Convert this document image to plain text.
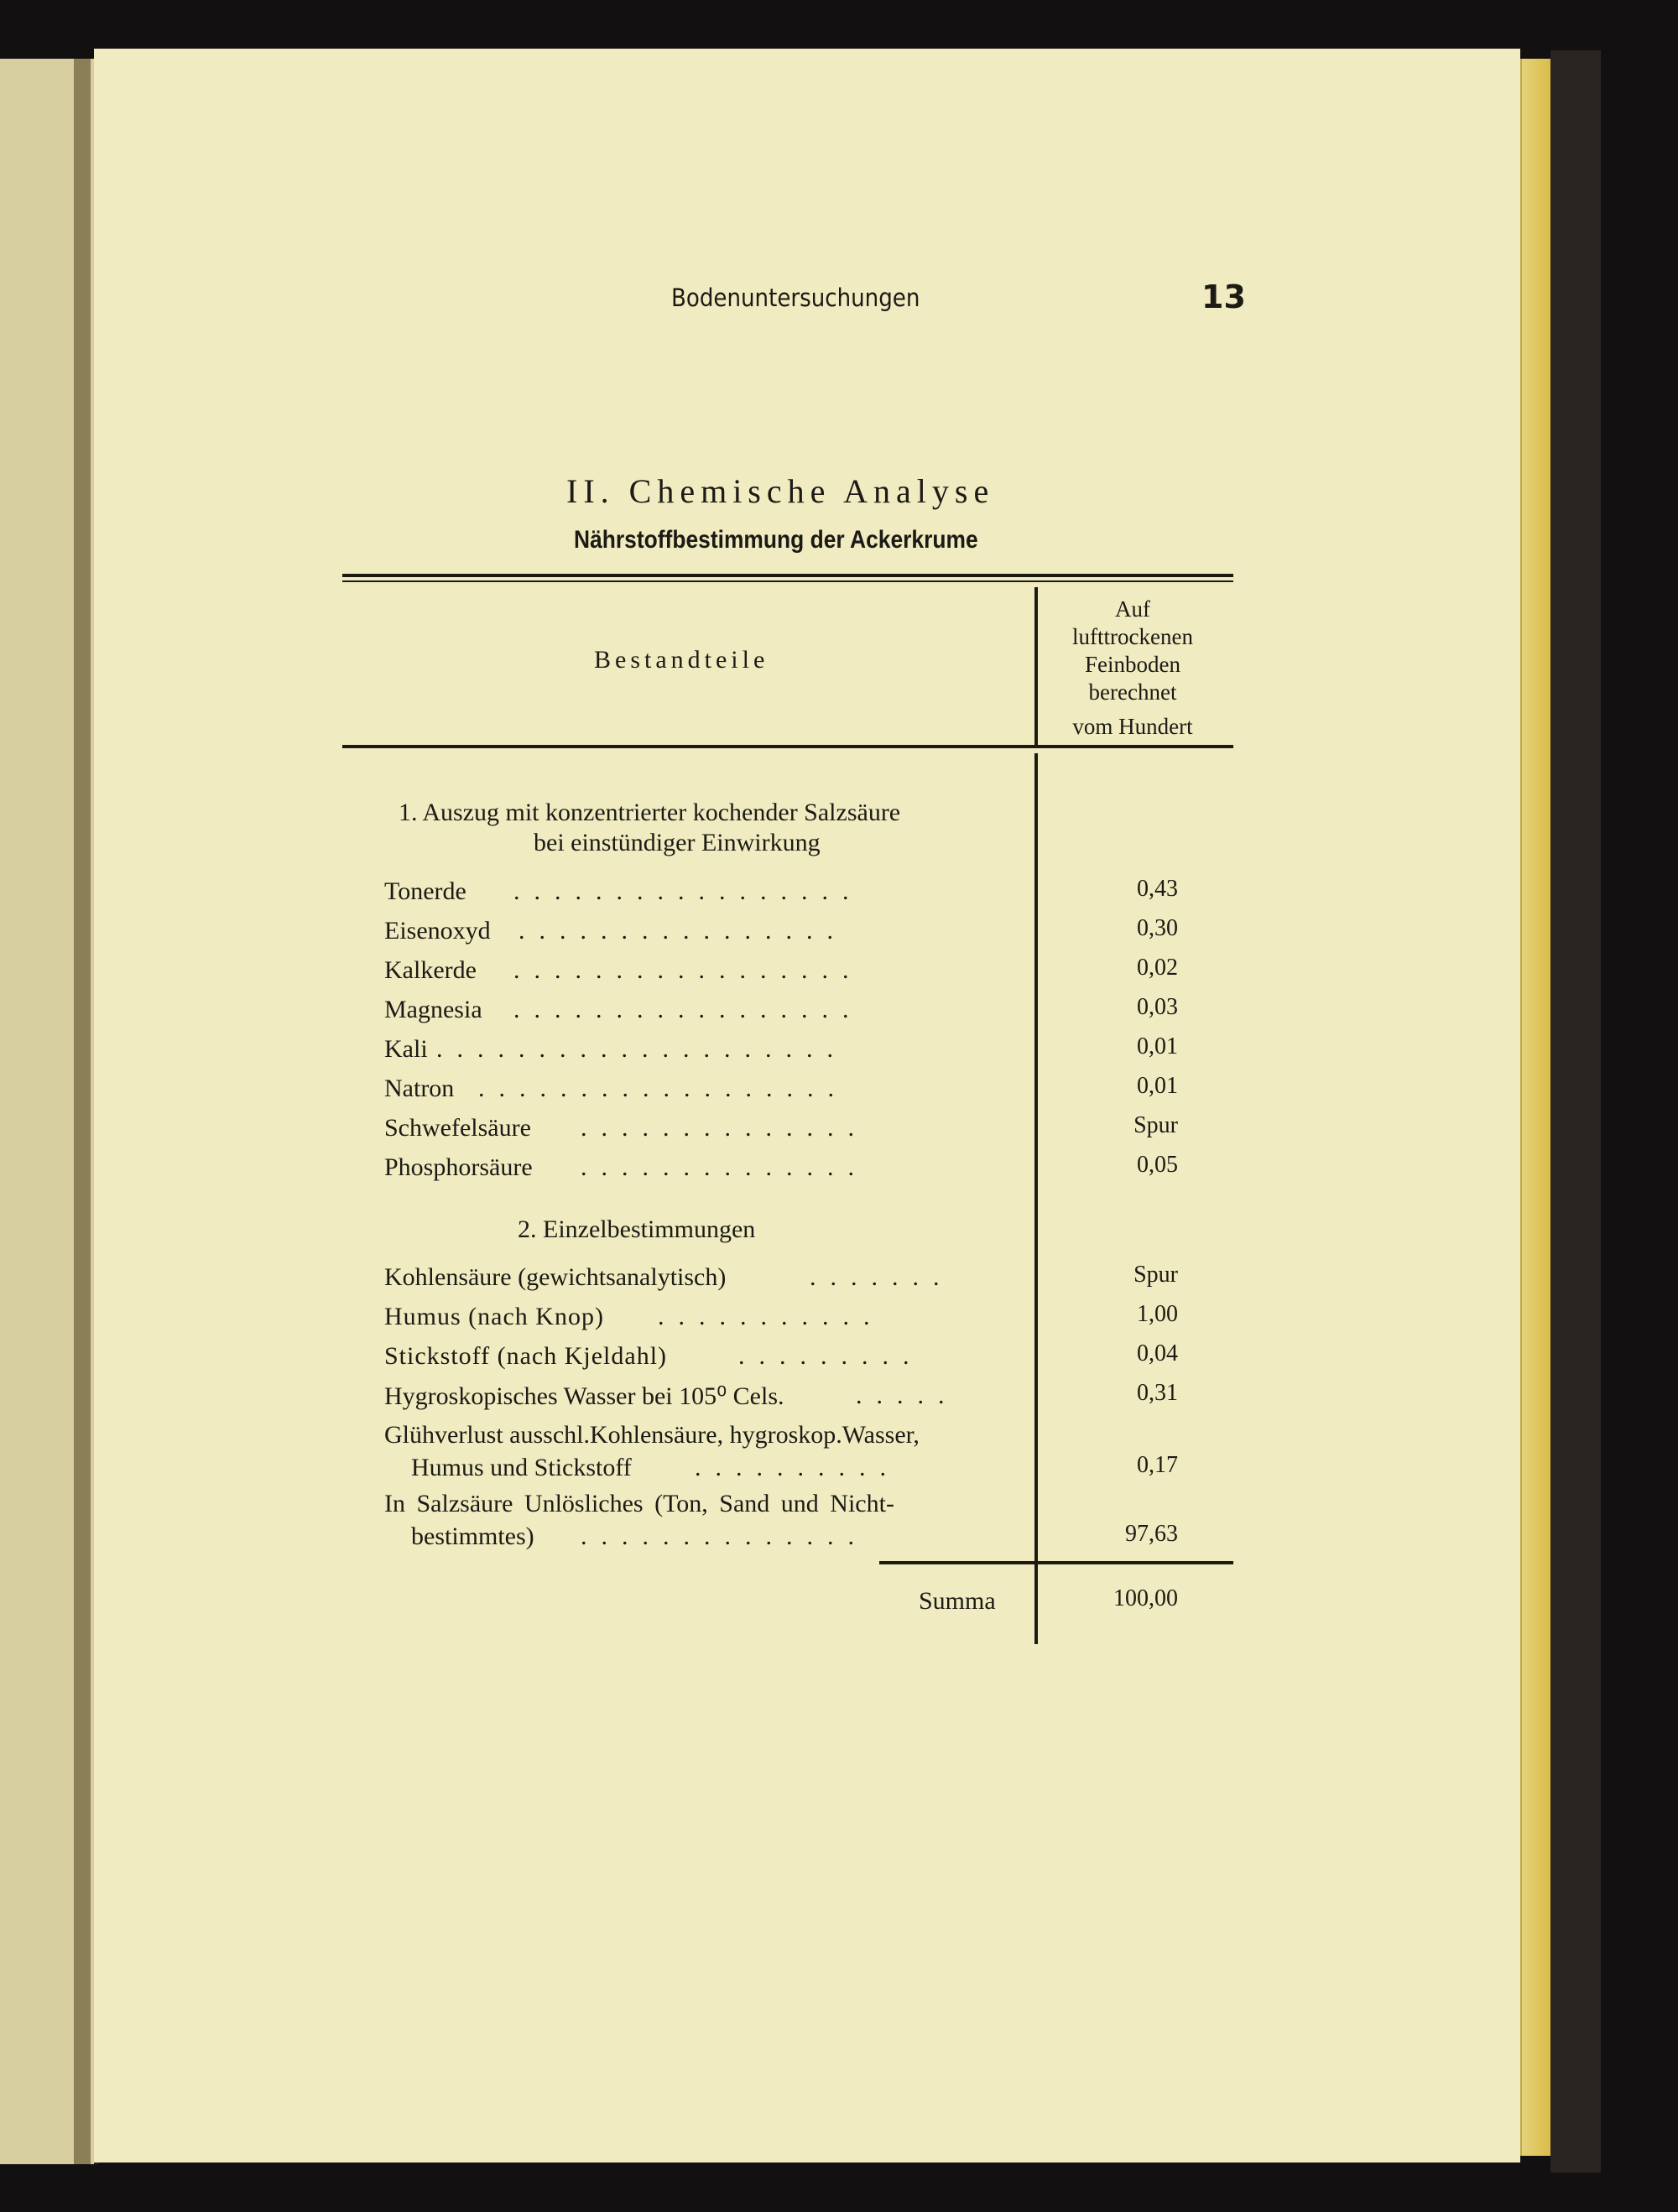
Bodenuntersuchungen	13
II. Chemische Analyse
Nährstoffbestimmung der Ackerkrume
Bestandteile
Auf
lufttrockenen
Feinboden
berechnet
vom Hundert
1. Auszug mit konzentrierter kochender Salzsäure
bei einstündiger Einwirkung
Tonerde .................	0,43
Eisenoxyd ................	0,30
Kalkerde .................	0,02
Magnesia .................	0,03
Kali ....................	0,01
Natron ..................	0,01
Schwefelsäure ..............	Spur
Phosphorsäure ..............	0,05
2. Einzelbestimmungen
Kohlensäure (gewichtsanalytisch)	.......	Spur
Humus (nach Knop) ...........	1,00
Stickstoff (nach Kjeldahl)	.........	0,04
Hygroskopisches Wasser bei 105⁰ Cels.	.....	0,31
Glühverlust ausschl.Kohlensäure, hygroskop.Wasser,
Humus und Stickstoff	..........	0,17
In Salzsäure Unlösliches (Ton, Sand und Nicht-
bestimmtes) ..............	97,63
Summa	100,00
